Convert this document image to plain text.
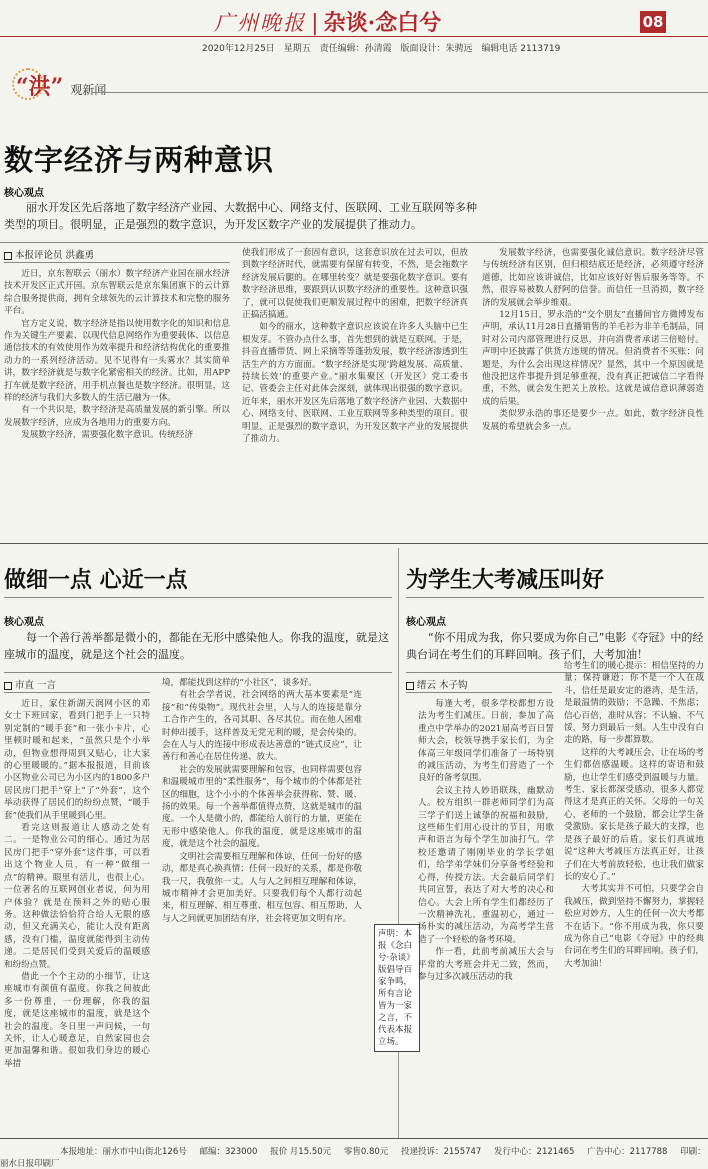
广州晚报 | 杂谈·念白兮	08
2020年12月25日 星期五 责任编辑：孙清霞 版面设计：朱骋远 编辑电话 2113719
“洪” 观新闻
数字经济与两种意识
核心观点
丽水开发区先后落地了数字经济产业园、大数据中心、网络支付、医联网、工业互联网等多种类型的项目。很明显，正是强烈的数字意识，为开发区数字产业的发展提供了推动力。
本报评论员 洪鑫勇

近日，京东智联云（丽水）数字经济产业园在丽水经济技术开发区正式开园。京东智联云是京东集团旗下的云计算综合服务提供商，拥有全球领先的云计算技术和完整的服务平台。

官方定义说，数字经济是指以使用数字化的知识和信息作为关键生产要素、以现代信息网络作为重要载体、以信息通信技术的有效使用作为效率提升和经济结构优化的重要推动力的一系列经济活动。见不见得有一头雾水？其实简单讲，数字经济就是与数字化紧密相关的经济。比如，用APP打车就是数字经济，用手机点餐也是数字经济。很明显，这样的经济与我们大多数人的生活已融为一体。

有一个共识是，数字经济是高质量发展的新引擎。所以发展数字经济，应成为各地用力的重要方向。

发展数字经济，需要强化数字意识。传统经济

使我们形成了一套固有意识，这套意识放在过去可以，但放到数字经济时代，就需要有保留有转变，不然，是会拖数字经济发展后腿的。在哪里转变？就是要强化数字意识。要有数字经济思维，要跟到认识数字经济的重要性。这种意识强了，就可以促使我们更顺发展过程中的困难，把数字经济真正搞活搞通。

如今的丽水，这种数字意识应该说在许多人头脑中已生根发芽。不管办点什么事，首先想到的就是互联网。于是，抖音直播带货、网上采摘等等蓬勃发展，数字经济渗透到生活生产的方方面面。“数字经济是实现‘跨越发展、高质量、持续长效’的重要产业。”丽水集聚区（开发区）党工委书记、管委会主任对此体会深刻，就体现出很强的数字意识。近年来，丽水开发区先后落地了数字经济产业园、大数据中心、网络支付、医联网、工业互联网等多种类型的项目。很明显，正是强烈的数字意识，为开发区数字产业的发展提供了推动力。

发展数字经济，也需要强化诚信意识。数字经济尽管与传统经济有区别，但归根结底还是经济，必须遵守经济道德，比如应该讲诚信，比如应该好好售后服务等等。不然，很容易被数人舒阿的信誉。而信任一旦消损，数字经济的发展就会举步维艰。

12月15日，罗永浩的“交个朋友”直播间官方微博发布声明，承认11月28日直播销售的羊毛衫为非羊毛制品，同时对公司内部管理进行反思，并向消费者承诺三倍赔付。声明中还披露了供货方违规的情况。但消费者不买账：问题是，为什么会出现这样情况？显然，其中一个原因就是他没把这件事提升到足够重视，没有真正把诚信二字看得重，不然，就会发生把关上放松。这就是诚信意识薄弱造成的后果。

类似罗永浩的事还是要少一点。如此，数字经济良性发展的希望就会多一点。

做细一点 心近一点
核心观点
每一个善行善举都是微小的，都能在无形中感染他人。你我的温度，就是这座城市的温度，就是这个社会的温度。
市直 一言

近日，家住新湖天润网小区的邓女士下班回家，看到门把手上一只特别定制的“暖手套”和一张小卡片，心里顿时暖和起来，“虽然只是个小举动，但物业想得周到又贴心，让大家的心里暖暖的。”据本报报道，目前该小区物业公司已为小区内的1800多户居民房门把手“穿上”了“外套”，这个举动获得了居民们的纷纷点赞，“暖手套”使我们从手里暖到心里。

看完这则报道让人感动之处有二。一是物业公司的细心。通过为居民房门把手“穿外套”这件事，可以看出这个物业人员，有一种“做细一点”的精神。眼里有活儿，也很上心。一位著名的互联网创业者说，何为用户体验？就是在预料之外的贴心服务。这种做法恰恰符合给人无限的感动，但又充满关心，能让人没有距离感，没有门槛，温度就能得到主动传递。二是居民们受到关爱后的温暖感和纷纷点赞。

借此一个个主动的小细节，让这座城市有颜值有温度。你我之间彼此多一份尊重，一份理解，你我的温度，就是这座城市的温度，就是这个社会的温度。冬日里一声问候，一句关怀，让人心暖意足，自然家园也会更加温馨和谐。很如我们身边的暖心举措

境，都能找到这样的“小社区”，谈多好。

有社会学者说，社会网络的两大基本要素是“连接”和“传染物”。现代社会里，人与人的连接是靠分工合作产生的，各司其职、各尽其位。而在他人困难时伸出援手，这样普及无党无利的暖，是会传染的。会在人与人的连接中形成表达善意的“链式反应”，让善行和善心在居住传递、放大。

社会的发展就需要理解和包容，也同样需要包容和温暖城市里的“柔性服务”，每个城市的个体都是社区的细胞，这个小小的个体善举会获得称、赞、暖、扬的效果。每一个善举都值得点赞，这就是城市的温度。一个人是微小的，都能给人前行的力量，更能在无形中感染他人。你我的温度，就是这座城市的温度，就是这个社会的温度。

文明社会需要相互理解和体谅，任何一份好的感动，都是真心换真情；任何一段好的关系，都是你敬我一尺，我敬你一丈。人与人之间相互理解和体谅，城市精神才会更加美好。只要我们每个人都行动起来，相互理解、相互尊重、相互包容、相互帮助，人与人之间就更加团结有序，社会将更加文明有序。

声明：本报《念白兮·杂谈》版倡导百家争鸣，所有言论皆为一家之言，不代表本报立场。
为学生大考减压叫好
核心观点
“你不用成为我，你只要成为你自己”电影《夺冠》中的经典台词在考生们的耳畔回响。孩子们，大考加油！
缙云 木子钩

每逢大考，很多学校都想方设法为考生们减压。日前，参加了高重点中学举办的2021届高考百日誓师大会，校领导携手家长们，为全体高三年级同学们准备了一场特别的减压活动，为考生们营造了一个良好的备考氛围。

会议主持人妙语联珠，幽默动人。校方组织一群老师同学们为高三学子们送上诚挚的祝福和鼓励，这些师生们用心设计的节目，用歌声和语言为每个学生加油打气。学校还邀请了刚刚毕业的学长学姐们，给学弟学妹们分享备考经验和心得，传授方法。大会最后同学们共同宣誓，表达了对大考的决心和信心。大会上所有学生们都经历了一次精神洗礼，重温初心，通过一场朴实的减压活动，为高考学生营造了一个轻松的备考环境。

作一看，此前考前减压大会与平常的大考班会并无二致，然而，参与过多次减压活动的我

给考生们的暖心提示：相信坚持的力量；保持谦逊；你不是一个人在战斗，信任是最安定的港湾，是生活，是最温情的鼓励；不急躁、不焦虑；信心百倍，准时从容；不认输、不气馁，努力到最后一刻。人生中没有白走的路，每一步都算数。

这样的大考减压会，让在场的考生们都倍感温暖。这样的寄语和鼓励，也让学生们感受到温暖与力量。考生、家长都深受感动，很多人都觉得这才是真正的关怀。父母的一句关心，老师的一个鼓励，都会让学生备受激励。家长是孩子最大的支撑，也是孩子最好的后盾。家长们真诚地说“这种大考减压方法真正好，让孩子们在大考前放轻松，也让我们做家长的安心了。”

大考其实并不可怕，只要学会自我减压，做到坚持不懈努力，掌握轻松应对妙方，人生的任何一次大考都不在话下。“你不用成为我，你只要成为你自己”电影《夺冠》中的经典台词在考生们的耳畔回响。孩子们，大考加油！

本报地址：丽水市中山街北126号 邮编：323000 报价 月15.50元 零售0.80元 投递投诉：2155747 发行中心：2121465 广告中心：2117788 印刷：丽水日报印刷厂
